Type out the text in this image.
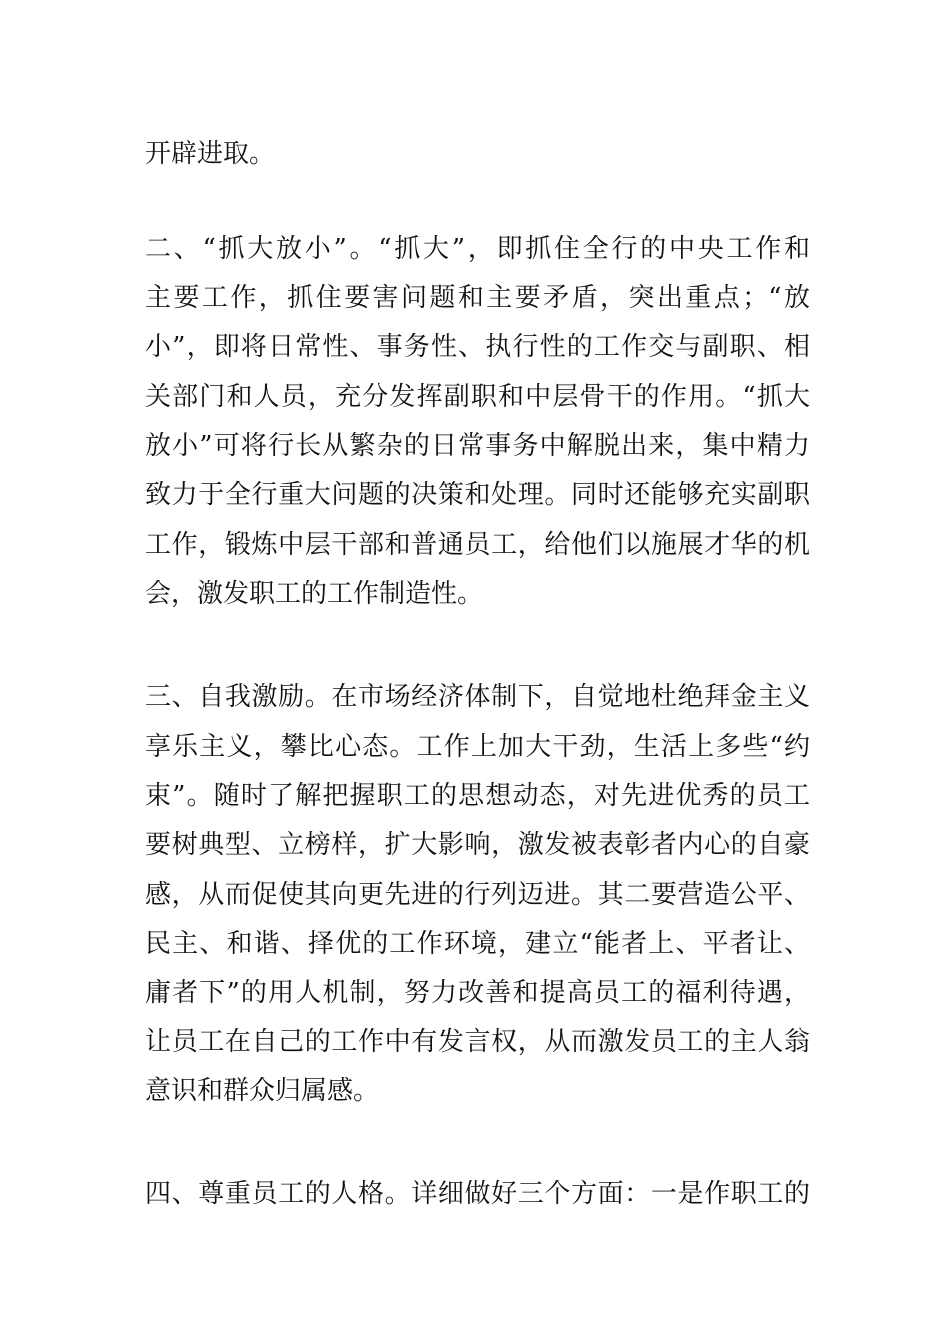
开辟进取。
二、“抓大放小”。“抓大”，即抓住全行的中央工作和
主要工作，抓住要害问题和主要矛盾，突出重点；“放
小”，即将日常性、事务性、执行性的工作交与副职、相
关部门和人员，充分发挥副职和中层骨干的作用。“抓大
放小”可将行长从繁杂的日常事务中解脱出来，集中精力
致力于全行重大问题的决策和处理。同时还能够充实副职
工作，锻炼中层干部和普通员工，给他们以施展才华的机
会，激发职工的工作制造性。
三、自我激励。在市场经济体制下，自觉地杜绝拜金主义
享乐主义，攀比心态。工作上加大干劲，生活上多些“约
束”。随时了解把握职工的思想动态，对先进优秀的员工
要树典型、立榜样，扩大影响，激发被表彰者内心的自豪
感，从而促使其向更先进的行列迈进。其二要营造公平、
民主、和谐、择优的工作环境，建立“能者上、平者让、
庸者下”的用人机制，努力改善和提高员工的福利待遇，
让员工在自己的工作中有发言权，从而激发员工的主人翁
意识和群众归属感。
四、尊重员工的人格。详细做好三个方面：一是作职工的
